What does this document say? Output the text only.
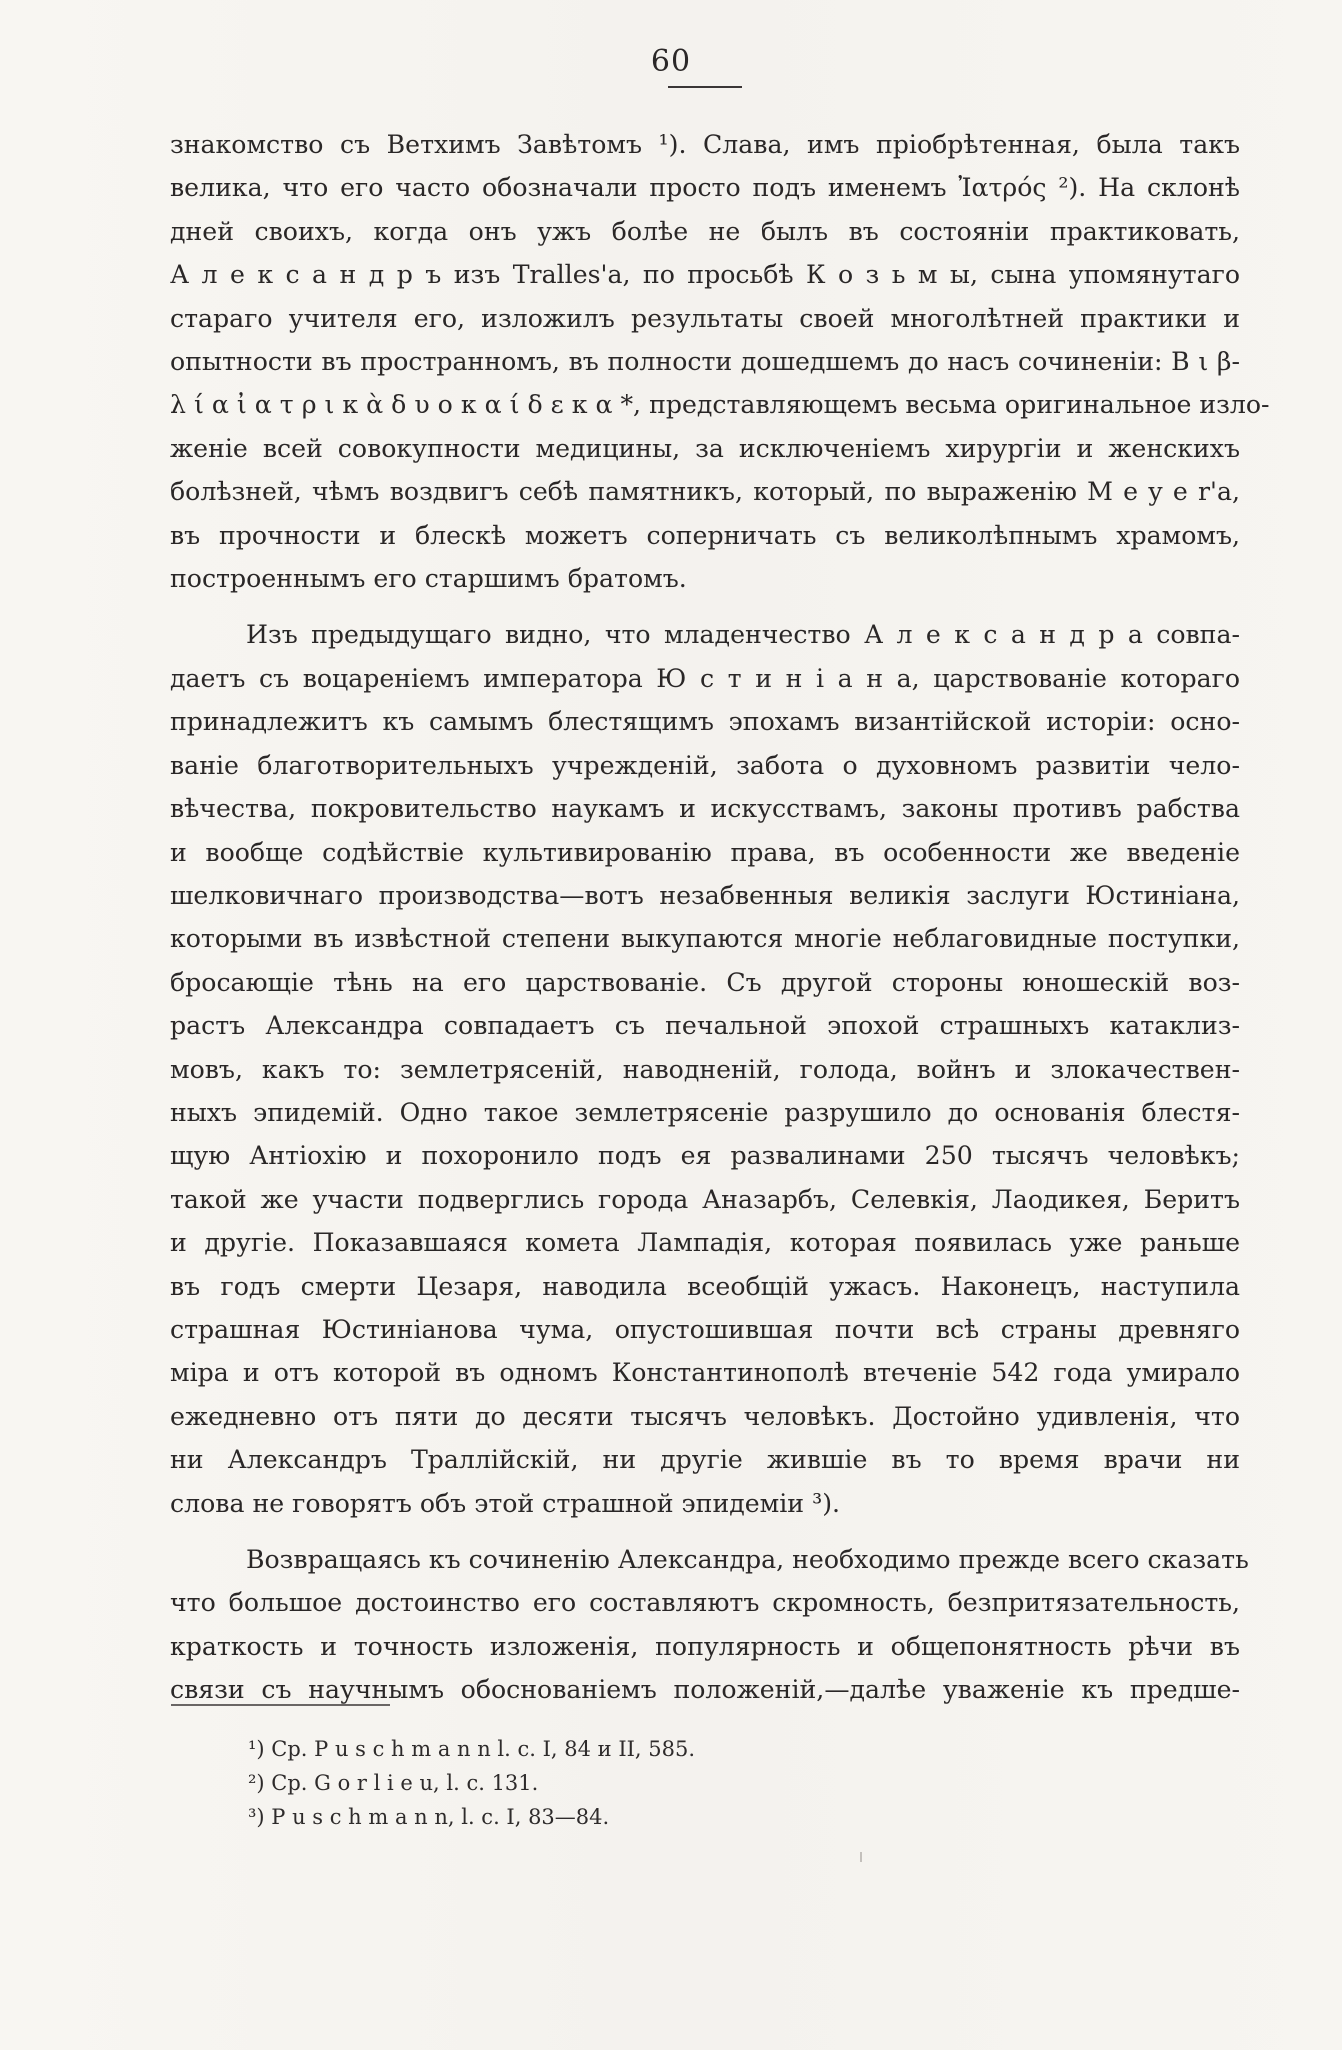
60
знакомство съ Ветхимъ Завѣтомъ ¹). Слава, имъ пріобрѣтенная, была такъ
велика, что его часто обозначали просто подъ именемъ Ἰατρός ²). На склонѣ
дней своихъ, когда онъ ужъ болѣе не былъ въ состояніи практиковать,
А л е к с а н д р ъ изъ Tralles'a, по просьбѣ К о з ь м ы, сына упомянутаго
стараго учителя его, изложилъ результаты своей многолѣтней практики и
опытности въ пространномъ, въ полности дошедшемъ до насъ сочиненіи: Β ι β-
λ ί α ἰ α τ ρ ι κ ὰ δ υ ο κ α ί δ ε κ α *, представляющемъ весьма оригинальное изло-
женіе всей совокупности медицины, за исключеніемъ хирургіи и женскихъ
болѣзней, чѣмъ воздвигъ себѣ памятникъ, который, по выраженію M e y e r'а,
въ прочности и блескѣ можетъ соперничать съ великолѣпнымъ храмомъ,
построеннымъ его старшимъ братомъ.
Изъ предыдущаго видно, что младенчество А л е к с а н д р а совпа-
даетъ съ воцареніемъ императора Ю с т и н і а н а, царствованіе котораго
принадлежитъ къ самымъ блестящимъ эпохамъ византійской исторіи: осно-
ваніе благотворительныхъ учрежденій, забота о духовномъ развитіи чело-
вѣчества, покровительство наукамъ и искусствамъ, законы противъ рабства
и вообще содѣйствіе культивированію права, въ особенности же введеніе
шелковичнаго производства—вотъ незабвенныя великія заслуги Юстиніана,
которыми въ извѣстной степени выкупаются многіе неблаговидные поступки,
бросающіе тѣнь на его царствованіе. Съ другой стороны юношескій воз-
растъ Александра совпадаетъ съ печальной эпохой страшныхъ катаклиз-
мовъ, какъ то: землетрясеній, наводненій, голода, войнъ и злокачествен-
ныхъ эпидемій. Одно такое землетрясеніе разрушило до основанія блестя-
щую Антіохію и похоронило подъ ея развалинами 250 тысячъ человѣкъ;
такой же участи подверглись города Аназарбъ, Селевкія, Лаодикея, Беритъ
и другіе. Показавшаяся комета Лампадія, которая появилась уже раньше
въ годъ смерти Цезаря, наводила всеобщій ужасъ. Наконецъ, наступила
страшная Юстиніанова чума, опустошившая почти всѣ страны древняго
міра и отъ которой въ одномъ Константинополѣ втеченіе 542 года умирало
ежедневно отъ пяти до десяти тысячъ человѣкъ. Достойно удивленія, что
ни Александръ Траллійскій, ни другіе жившіе въ то время врачи ни
слова не говорятъ объ этой страшной эпидеміи ³).
Возвращаясь къ сочиненію Александра, необходимо прежде всего сказать
что большое достоинство его составляютъ скромность, безпритязательность,
краткость и точность изложенія, популярность и общепонятность рѣчи въ
связи съ научнымъ обоснованіемъ положеній,—далѣе уваженіе къ предше-
¹) Ср. P u s c h m a n n l. c. I, 84 и II, 585.
²) Ср. G o r l i e u, l. c. 131.
³) P u s c h m a n n, l. c. I, 83—84.
